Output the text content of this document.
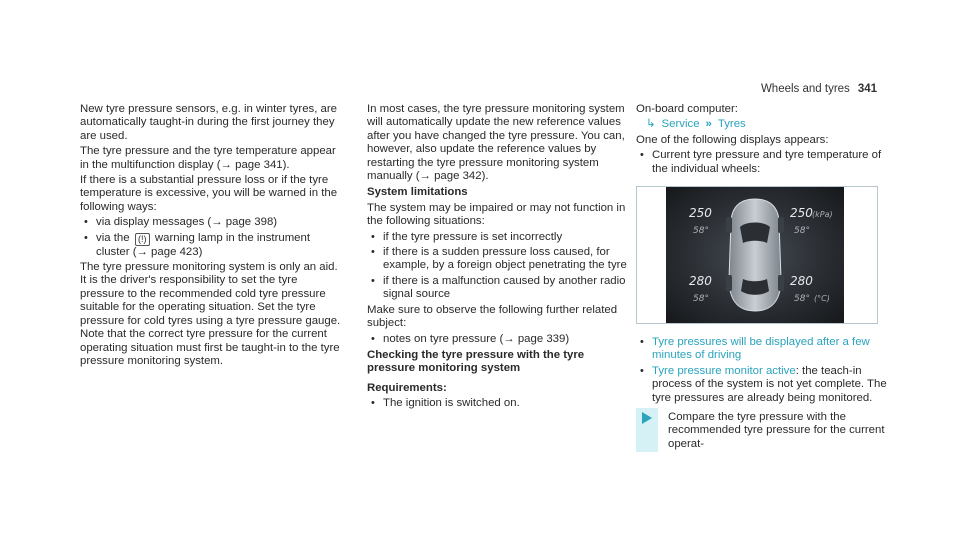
Wheels and tyres 341

New tyre pressure sensors, e.g. in winter tyres, are automatically taught-in during the first journey they are used.

The tyre pressure and the tyre temperature appear in the multifunction display (→ page 341).

If there is a substantial pressure loss or if the tyre temperature is excessive, you will be warned in the following ways:

• via display messages (→ page 398)
• via the (!) warning lamp in the instrument cluster (→ page 423)

The tyre pressure monitoring system is only an aid. It is the driver's responsibility to set the tyre pressure to the recommended cold tyre pressure suitable for the operating situation. Set the tyre pressure for cold tyres using a tyre pressure gauge. Note that the correct tyre pressure for the current operating situation must first be taught-in to the tyre pressure monitoring system.

In most cases, the tyre pressure monitoring system will automatically update the new reference values after you have changed the tyre pressure. You can, however, also update the reference values by restarting the tyre pressure monitoring system manually (→ page 342).

System limitations

The system may be impaired or may not function in the following situations:

• if the tyre pressure is set incorrectly
• if there is a sudden pressure loss caused, for example, by a foreign object penetrating the tyre
• if there is a malfunction caused by another radio signal source

Make sure to observe the following further related subject:

• notes on tyre pressure (→ page 339)
Checking the tyre pressure with the tyre pressure monitoring system
Requirements:
• The ignition is switched on.

On-board computer:

↳ Service » Tyres

One of the following displays appears:

• Current tyre pressure and tyre temperature of the individual wheels:
250
58°
250 (kPa)
58°
280
58°
280
58° (°C)
• Tyre pressures will be displayed after a few minutes of driving
• Tyre pressure monitor active: the teach-in process of the system is not yet complete. The tyre pressures are already being monitored.
Compare the tyre pressure with the recommended tyre pressure for the current operat-
